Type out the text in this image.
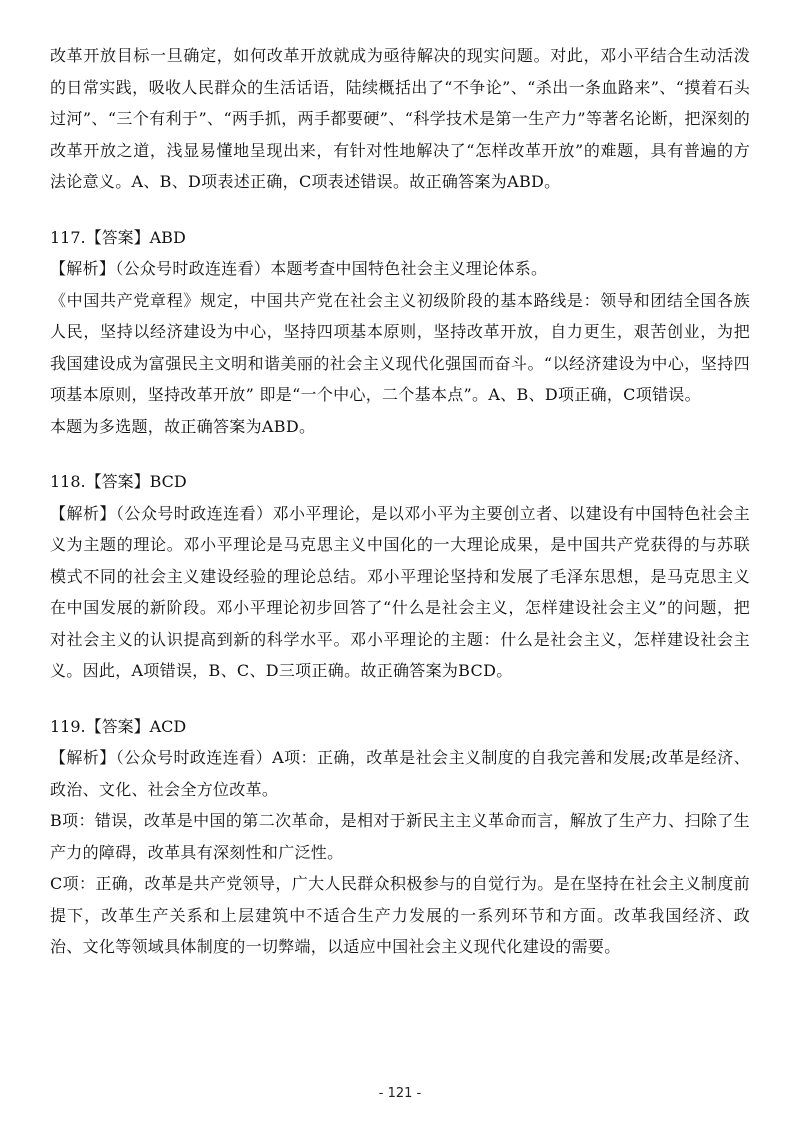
改革开放目标一旦确定，如何改革开放就成为亟待解决的现实问题。对此，邓小平结合生动活泼的日常实践，吸收人民群众的生活话语，陆续概括出了“不争论”、“杀出一条血路来”、“摸着石头过河”、“三个有利于”、“两手抓，两手都要硬”、“科学技术是第一生产力”等著名论断，把深刻的改革开放之道，浅显易懂地呈现出来，有针对性地解决了“怎样改革开放”的难题，具有普遍的方法论意义。A、B、D项表述正确，C项表述错误。故正确答案为ABD。

117.【答案】ABD

【解析】（公众号时政连连看）本题考查中国特色社会主义理论体系。

《中国共产党章程》规定，中国共产党在社会主义初级阶段的基本路线是：领导和团结全国各族人民，坚持以经济建设为中心，坚持四项基本原则，坚持改革开放，自力更生，艰苦创业，为把我国建设成为富强民主文明和谐美丽的社会主义现代化强国而奋斗。“以经济建设为中心，坚持四项基本原则，坚持改革开放” 即是“一个中心，二个基本点”。A、B、D项正确，C项错误。

本题为多选题，故正确答案为ABD。

118.【答案】BCD

【解析】（公众号时政连连看）邓小平理论，是以邓小平为主要创立者、以建设有中国特色社会主义为主题的理论。邓小平理论是马克思主义中国化的一大理论成果，是中国共产党获得的与苏联模式不同的社会主义建设经验的理论总结。邓小平理论坚持和发展了毛泽东思想，是马克思主义在中国发展的新阶段。邓小平理论初步回答了“什么是社会主义，怎样建设社会主义”的问题，把对社会主义的认识提高到新的科学水平。邓小平理论的主题：什么是社会主义，怎样建设社会主义。因此，A项错误，B、C、D三项正确。故正确答案为BCD。

119.【答案】ACD

【解析】（公众号时政连连看）A项：正确，改革是社会主义制度的自我完善和发展;改革是经济、政治、文化、社会全方位改革。

B项：错误，改革是中国的第二次革命，是相对于新民主主义革命而言，解放了生产力、扫除了生产力的障碍，改革具有深刻性和广泛性。

C项：正确，改革是共产党领导，广大人民群众积极参与的自觉行为。是在坚持在社会主义制度前提下，改革生产关系和上层建筑中不适合生产力发展的一系列环节和方面。改革我国经济、政治、文化等领域具体制度的一切弊端，以适应中国社会主义现代化建设的需要。

- 121 -
